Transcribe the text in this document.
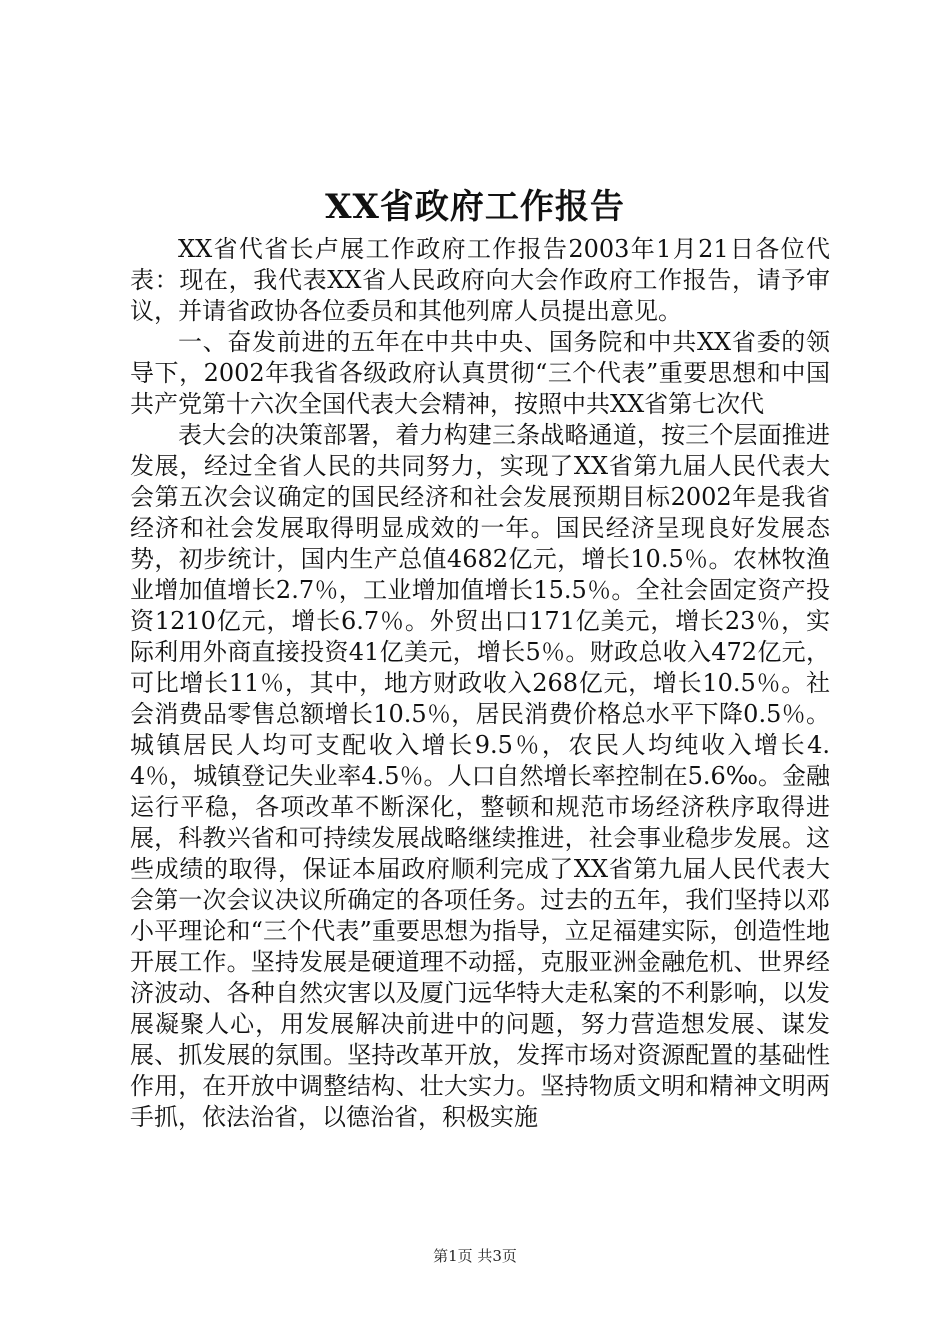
XX省政府工作报告

XX省代省长卢展工作政府工作报告2003年1月21日各位代表：现在，我代表XX省人民政府向大会作政府工作报告，请予审议，并请省政协各位委员和其他列席人员提出意见。

一、奋发前进的五年在中共中央、国务院和中共XX省委的领导下，2002年我省各级政府认真贯彻“三个代表”重要思想和中国共产党第十六次全国代表大会精神，按照中共XX省第七次代

表大会的决策部署，着力构建三条战略通道，按三个层面推进发展，经过全省人民的共同努力，实现了XX省第九届人民代表大会第五次会议确定的国民经济和社会发展预期目标2002年是我省经济和社会发展取得明显成效的一年。国民经济呈现良好发展态势，初步统计，国内生产总值4682亿元，增长10.5％。农林牧渔业增加值增长2.7％，工业增加值增长15.5％。全社会固定资产投资1210亿元，增长6.7％。外贸出口171亿美元，增长23％，实际利用外商直接投资41亿美元，增长5％。财政总收入472亿元，可比增长11％，其中，地方财政收入268亿元，增长10.5％。社会消费品零售总额增长10.5％，居民消费价格总水平下降0.5％。城镇居民人均可支配收入增长9.5％，农民人均纯收入增长4.4％，城镇登记失业率4.5％。人口自然增长率控制在5.6‰。金融运行平稳，各项改革不断深化，整顿和规范市场经济秩序取得进展，科教兴省和可持续发展战略继续推进，社会事业稳步发展。这些成绩的取得，保证本届政府顺利完成了XX省第九届人民代表大会第一次会议决议所确定的各项任务。过去的五年，我们坚持以邓小平理论和“三个代表”重要思想为指导，立足福建实际，创造性地开展工作。坚持发展是硬道理不动摇，克服亚洲金融危机、世界经济波动、各种自然灾害以及厦门远华特大走私案的不利影响，以发展凝聚人心，用发展解决前进中的问题，努力营造想发展、谋发展、抓发展的氛围。坚持改革开放，发挥市场对资源配置的基础性作用，在开放中调整结构、壮大实力。坚持物质文明和精神文明两手抓，依法治省，以德治省，积极实施

第1页 共3页
